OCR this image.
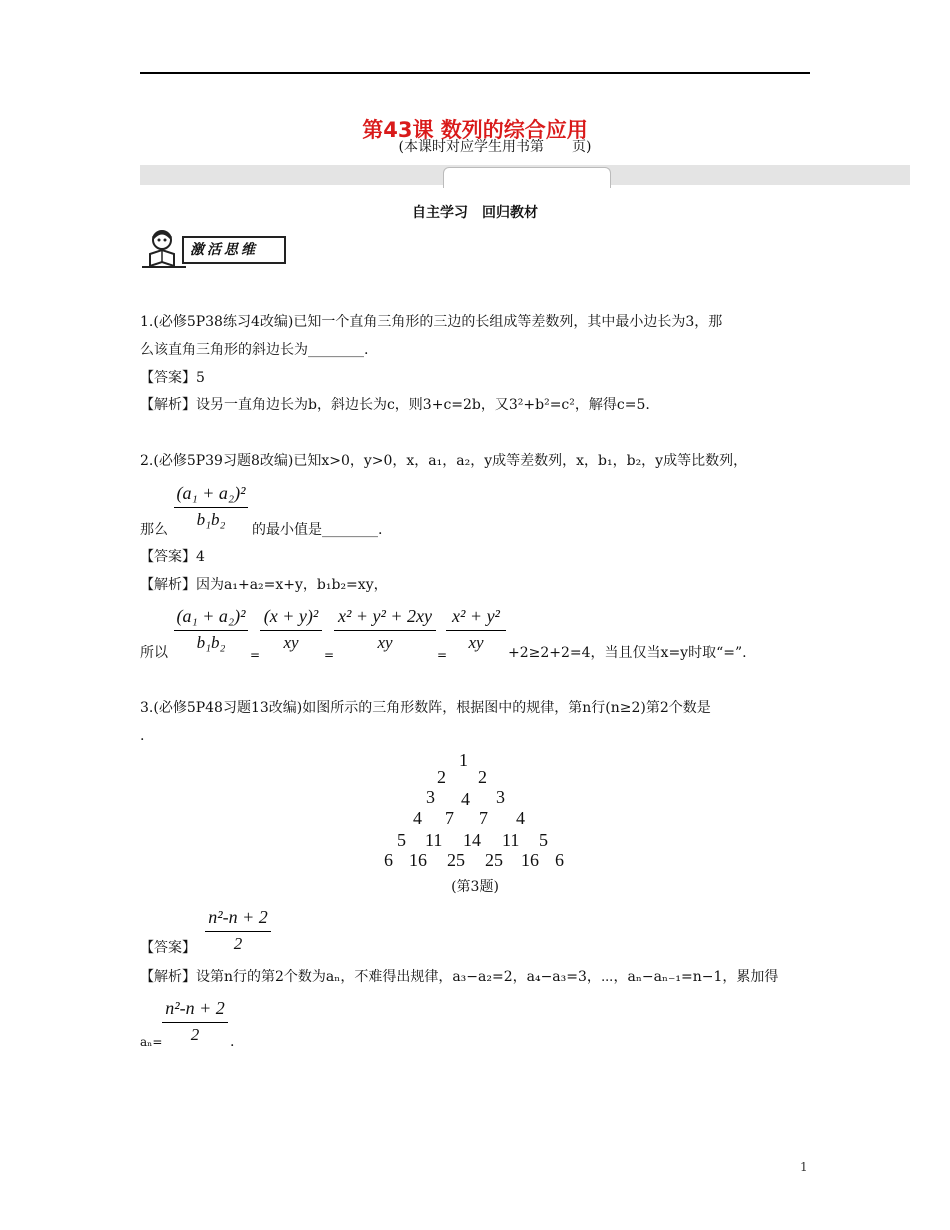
第43课 数列的综合应用
(本课时对应学生用书第　　页)
自主学习　回归教材
激活思维
1.(必修5P38练习4改编)已知一个直角三角形的三边的长组成等差数列，其中最小边长为3，那
么该直角三角形的斜边长为________.
【答案】5
【解析】设另一直角边长为b，斜边长为c，则3+c=2b，又3²+b²=c²，解得c=5.
2.(必修5P39习题8改编)已知x>0，y>0，x，a₁，a₂，y成等差数列，x，b₁，b₂，y成等比数列，
(a₁ + a₂)²
b₁b₂
那么	的最小值是________.
【答案】4
【解析】因为a₁+a₂=x+y，b₁b₂=xy，
(a₁ + a₂)²
b₁b₂
(x + y)²
xy
x² + y² + 2xy
xy
x² + y²
xy
所以	=	=	=	+2≥2+2=4，当且仅当x=y时取“=”.
3.(必修5P48习题13改编)如图所示的三角形数阵，根据图中的规律，第n行(n≥2)第2个数是
.
1
2 2
3 4 3
4 7 7 4
5 11 14 11 5
6 16 25 25 16 6
(第3题)
n²-n + 2
2
【答案】
【解析】设第n行的第2个数为aₙ，不难得出规律，a₃−a₂=2，a₄−a₃=3，⋯，aₙ−aₙ₋₁=n−1，累加得
n²-n + 2
2
aₙ=	.
1
